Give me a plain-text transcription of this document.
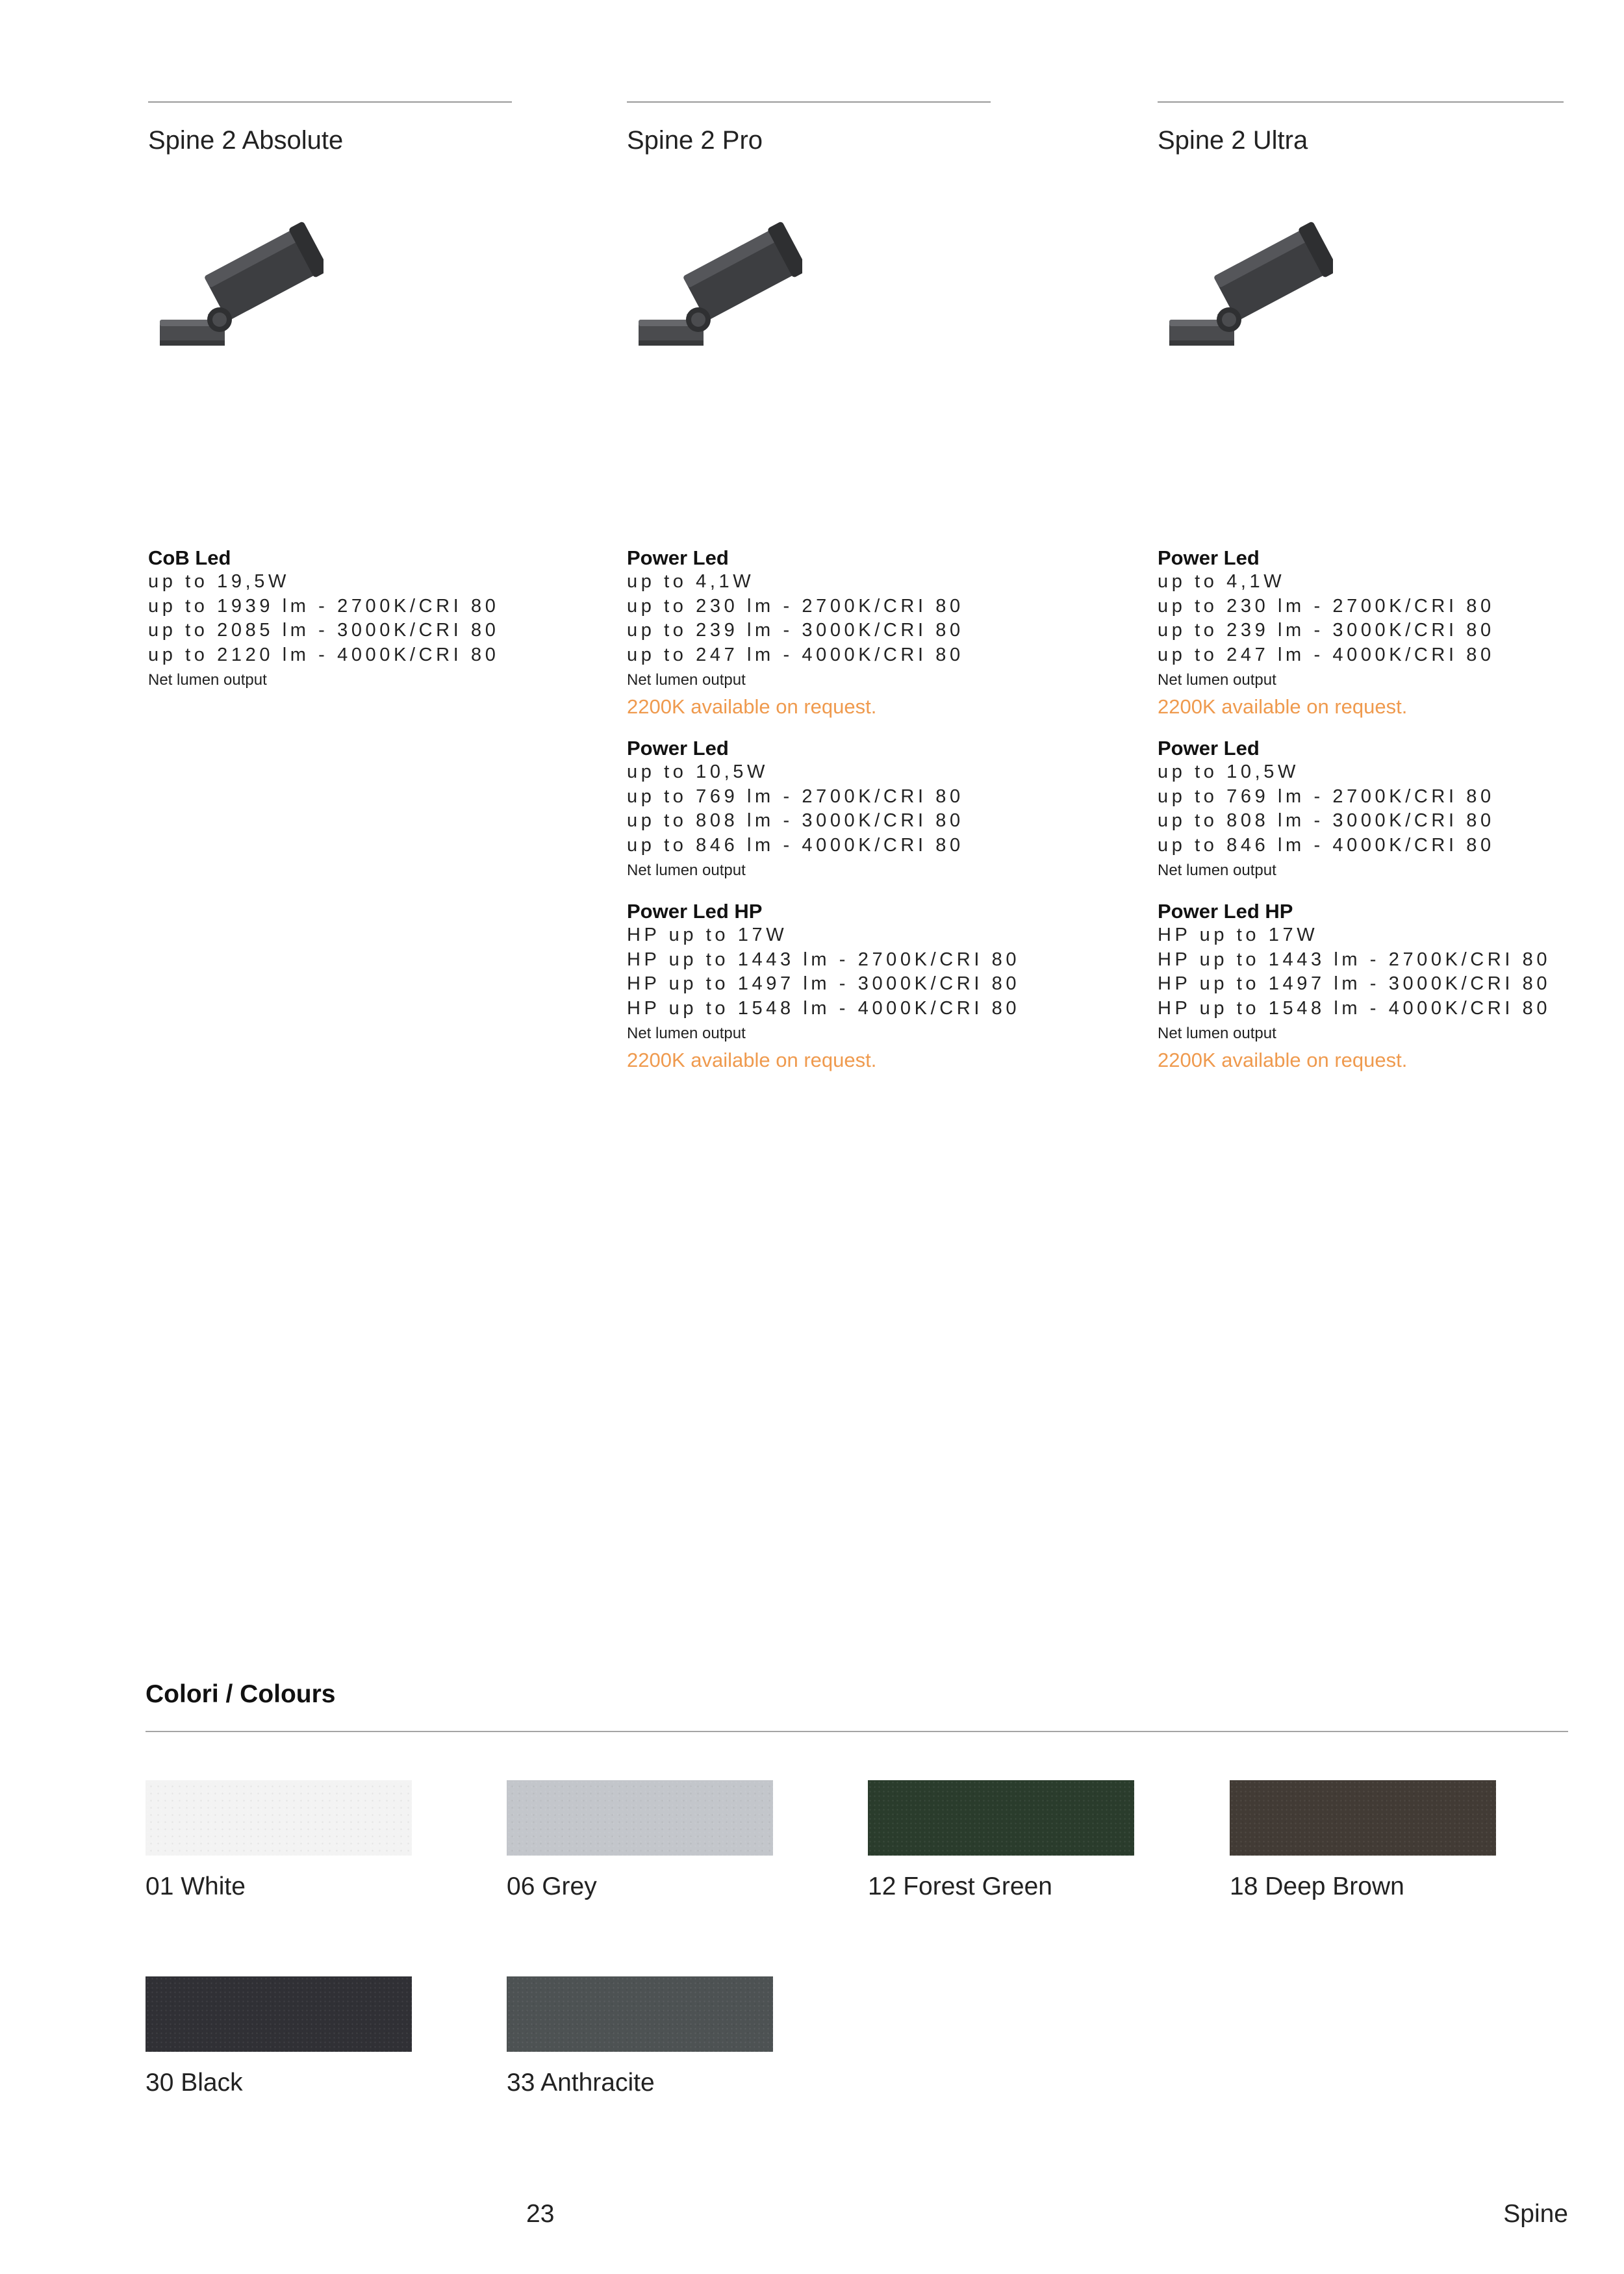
Spine 2 Absolute
CoB Led
up to 19,5W
up to 1939 lm - 2700K/CRI 80
up to 2085 lm - 3000K/CRI 80
up to 2120 lm - 4000K/CRI 80
Net lumen output
Spine 2 Pro
Power Led
up to 4,1W
up to 230 lm - 2700K/CRI 80
up to 239 lm - 3000K/CRI 80
up to 247 lm - 4000K/CRI 80
Net lumen output
2200K available on request.
Power Led
up to 10,5W
up to 769 lm - 2700K/CRI 80
up to 808 lm - 3000K/CRI 80
up to 846 lm - 4000K/CRI 80
Net lumen output
Power Led HP
HP up to 17W
HP up to 1443 lm - 2700K/CRI 80
HP up to 1497 lm - 3000K/CRI 80
HP up to 1548 lm - 4000K/CRI 80
Net lumen output
2200K available on request.
Spine 2 Ultra
Power Led
up to 4,1W
up to 230 lm - 2700K/CRI 80
up to 239 lm - 3000K/CRI 80
up to 247 lm - 4000K/CRI 80
Net lumen output
2200K available on request.
Power Led
up to 10,5W
up to 769 lm - 2700K/CRI 80
up to 808 lm - 3000K/CRI 80
up to 846 lm - 4000K/CRI 80
Net lumen output
Power Led HP
HP up to 17W
HP up to 1443 lm - 2700K/CRI 80
HP up to 1497 lm - 3000K/CRI 80
HP up to 1548 lm - 4000K/CRI 80
Net lumen output
2200K available on request.
Colori / Colours
01 White	06 Grey	12 Forest Green	18 Deep Brown
30 Black	33 Anthracite
23	Spine
